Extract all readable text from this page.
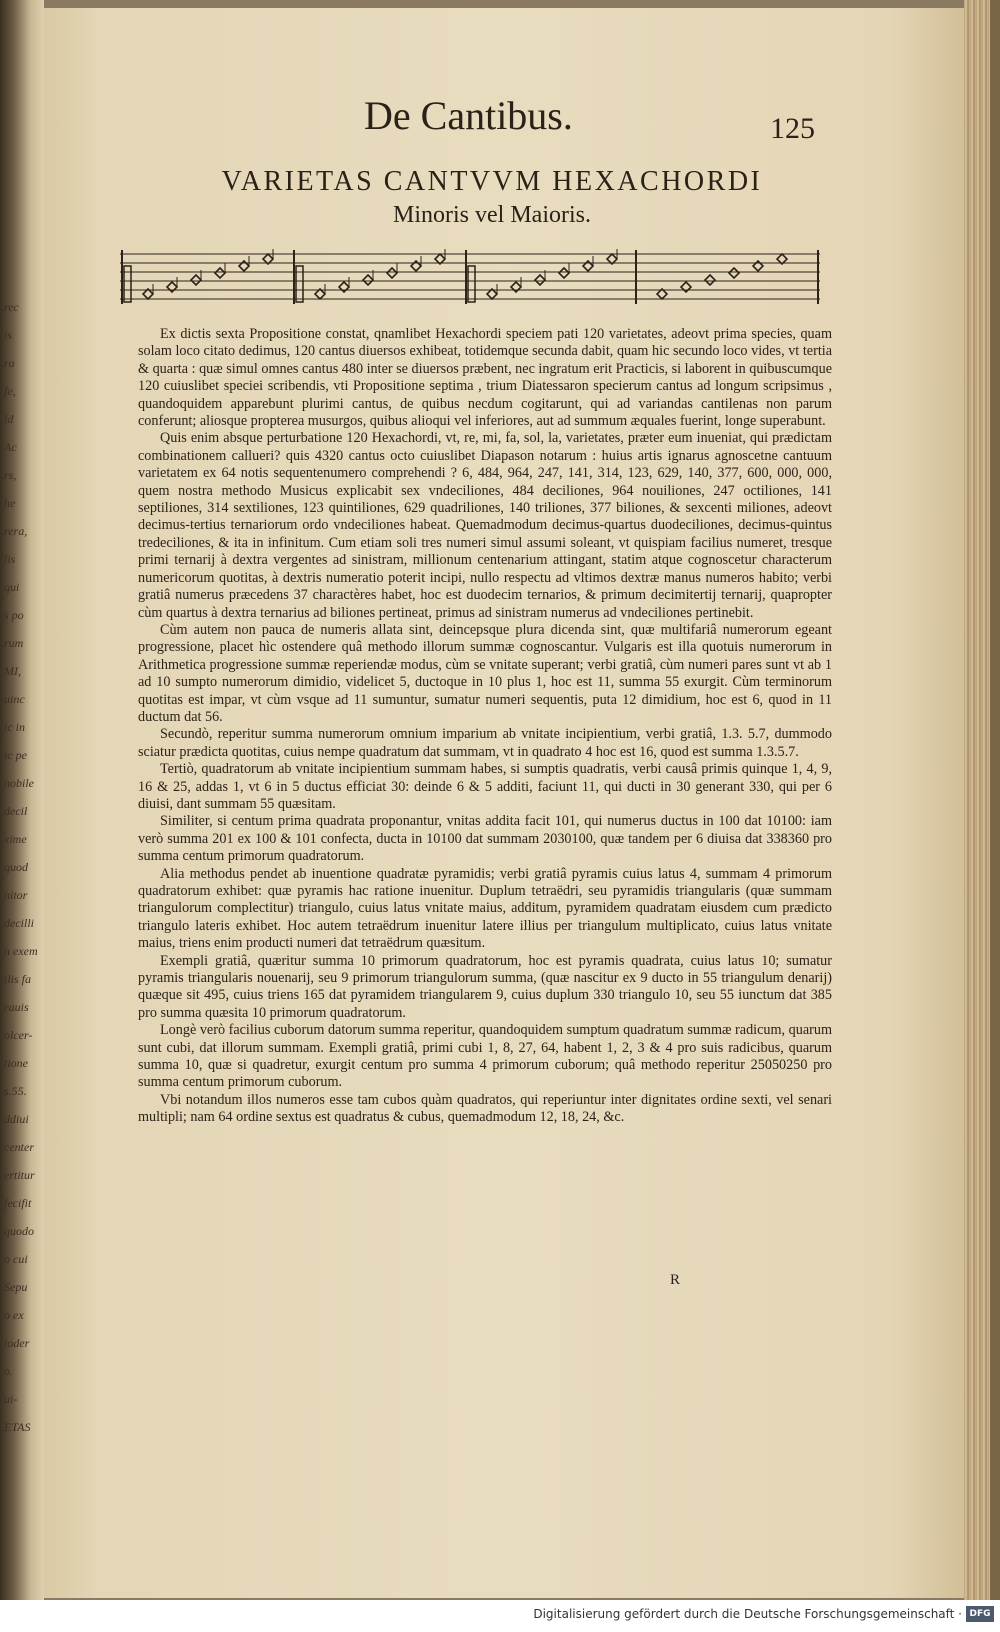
rec
is
ra
fe,
ld
Ac
rs,
he
rera,
lis
qui
s po
rum
MI,
uinc
ic in
ic pe
nobile
decil
xime
quod
nitor
decilli
n exem
ilis fa
rauis
olcer-
tione
s.55.
ddiui
center
ertitur
fecifit
quodo
o cui
Sepu
o ex
ioder
o.
ui-
ETAS
De Cantibus.	125
VARIETAS CANTVVM HEXACHORDI
Minoris vel Maioris.

Ex dictis sexta Propositione constat, qnamlibet Hexachordi speciem pati 120 varietates, adeovt prima species, quam solam loco citato dedimus, 120 cantus diuersos exhibeat, totidemque secunda dabit, quam hic secundo loco vides, vt tertia & quarta : quæ simul omnes cantus 480 inter se diuersos præbent, nec ingratum erit Practicis, si laborent in quibuscumque 120 cuiuslibet speciei scribendis, vti Propositione septima , trium Diatessaron specierum cantus ad longum scripsimus , quandoquidem apparebunt plurimi cantus, de quibus necdum cogitarunt, qui ad variandas cantilenas non parum conferunt; aliosque propterea musurgos, quibus alioqui vel inferiores, aut ad summum æquales fuerint, longe superabunt.

Quis enim absque perturbatione 120 Hexachordi, vt, re, mi, fa, sol, la, varietates, præter eum inueniat, qui prædictam combinationem callueri? quis 4320 cantus octo cuiuslibet Diapason notarum : huius artis ignarus agnoscetne cantuum varietatem ex 64 notis sequentenumero comprehendi ? 6, 484, 964, 247, 141, 314, 123, 629, 140, 377, 600, 000, 000, quem nostra methodo Musicus explicabit sex vndeciliones, 484 deciliones, 964 nouiliones, 247 octiliones, 141 septiliones, 314 sextiliones, 123 quintiliones, 629 quadriliones, 140 triliones, 377 biliones, & sexcenti miliones, adeovt decimus-tertius ternariorum ordo vndeciliones habeat. Quemadmodum decimus-quartus duodeciliones, decimus-quintus tredeciliones, & ita in infinitum. Cum etiam soli tres numeri simul assumi soleant, vt quispiam facilius numeret, tresque primi ternarij à dextra vergentes ad sinistram, millionum centenarium attingant, statim atque cognoscetur characterum numericorum quotitas, à dextris numeratio poterit incipi, nullo respectu ad vltimos dextræ manus numeros habito; verbi gratiâ numerus præcedens 37 charactères habet, hoc est duodecim ternarios, & primum decimitertij ternarij, quapropter cùm quartus à dextra ternarius ad biliones pertineat, primus ad sinistram numerus ad vndeciliones pertinebit.

Cùm autem non pauca de numeris allata sint, deincepsque plura dicenda sint, quæ multifariâ numerorum egeant progressione, placet hìc ostendere quâ methodo illorum summæ cognoscantur. Vulgaris est illa quotuis numerorum in Arithmetica progressione summæ reperiendæ modus, cùm se vnitate superant; verbi gratiâ, cùm numeri pares sunt vt ab 1 ad 10 sumpto numerorum dimidio, videlicet 5, ductoque in 10 plus 1, hoc est 11, summa 55 exurgit. Cùm terminorum quotitas est impar, vt cùm vsque ad 11 sumuntur, sumatur numeri sequentis, puta 12 dimidium, hoc est 6, quod in 11 ductum dat 56.

Secundò, reperitur summa numerorum omnium imparium ab vnitate incipientium, verbi gratiâ, 1.3. 5.7, dummodo sciatur prædicta quotitas, cuius nempe quadratum dat summam, vt in quadrato 4 hoc est 16, quod est summa 1.3.5.7.

Tertiò, quadratorum ab vnitate incipientium summam habes, si sumptis quadratis, verbi causâ primis quinque 1, 4, 9, 16 & 25, addas 1, vt 6 in 5 ductus efficiat 30: deinde 6 & 5 additi, faciunt 11, qui ducti in 30 generant 330, qui per 6 diuisi, dant summam 55 quæsitam.

Similiter, si centum prima quadrata proponantur, vnitas addita facit 101, qui numerus ductus in 100 dat 10100: iam verò summa 201 ex 100 & 101 confecta, ducta in 10100 dat summam 2030100, quæ tandem per 6 diuisa dat 338360 pro summa centum primorum quadratorum.

Alia methodus pendet ab inuentione quadratæ pyramidis; verbi gratiâ pyramis cuius latus 4, summam 4 primorum quadratorum exhibet: quæ pyramis hac ratione inuenitur. Duplum tetraëdri, seu pyramidis triangularis (quæ summam triangulorum complectitur) triangulo, cuius latus vnitate maius, additum, pyramidem quadratam eiusdem cum prædicto triangulo lateris exhibet. Hoc autem tetraëdrum inuenitur latere illius per triangulum multiplicato, cuius latus vnitate maius, triens enim producti numeri dat tetraëdrum quæsitum.

Exempli gratiâ, quæritur summa 10 primorum quadratorum, hoc est pyramis quadrata, cuius latus 10; sumatur pyramis triangularis nouenarij, seu 9 primorum triangulorum summa, (quæ nascitur ex 9 ducto in 55 triangulum denarij) quæque sit 495, cuius triens 165 dat pyramidem triangularem 9, cuius duplum 330 triangulo 10, seu 55 iunctum dat 385 pro summa quæsita 10 primorum quadratorum.

Longè verò facilius cuborum datorum summa reperitur, quandoquidem sumptum quadratum summæ radicum, quarum sunt cubi, dat illorum summam. Exempli gratiâ, primi cubi 1, 8, 27, 64, habent 1, 2, 3 & 4 pro suis radicibus, quarum summa 10, quæ si quadretur, exurgit centum pro summa 4 primorum cuborum; quâ methodo reperitur 25050250 pro summa centum primorum cuborum.

Vbi notandum illos numeros esse tam cubos quàm quadratos, qui reperiuntur inter dignitates ordine sexti, vel senari multipli; nam 64 ordine sextus est quadratus & cubus, quemadmodum 12, 18, 24, &c.

R
Digitalisierung gefördert durch die Deutsche Forschungsgemeinschaft · DFG
